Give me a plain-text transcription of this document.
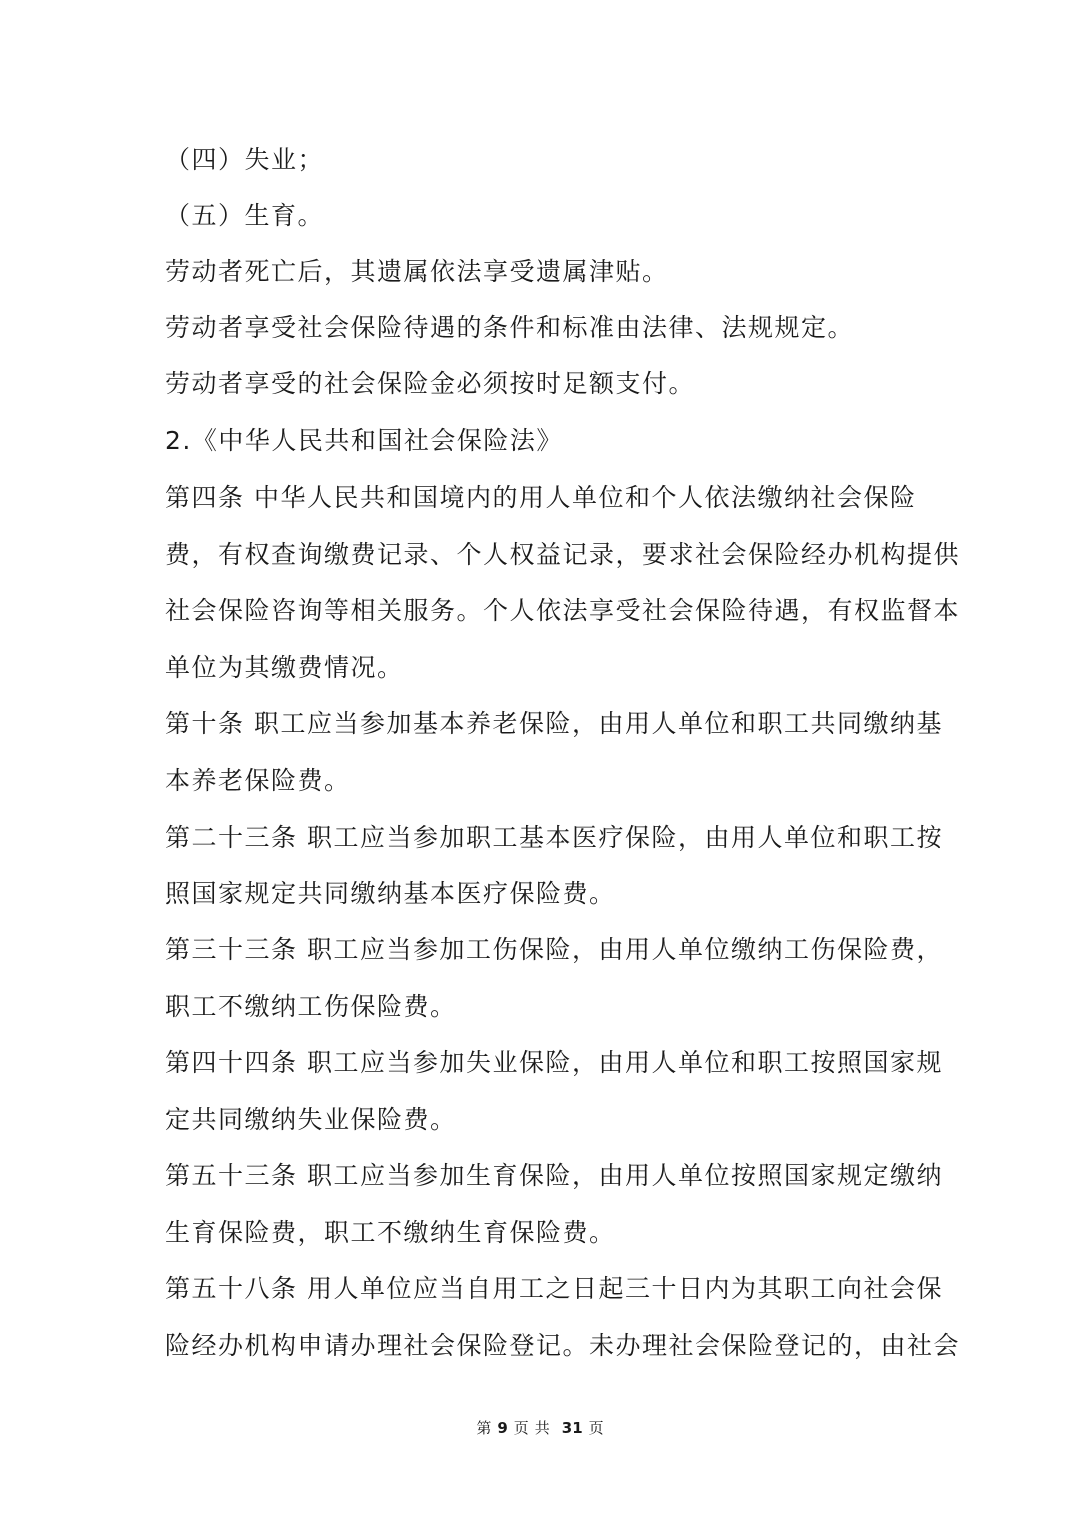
（四）失业；
（五）生育。
劳动者死亡后，其遗属依法享受遗属津贴。
劳动者享受社会保险待遇的条件和标准由法律、法规规定。
劳动者享受的社会保险金必须按时足额支付。
2.《中华人民共和国社会保险法》
第四条 中华人民共和国境内的用人单位和个人依法缴纳社会保险
费，有权查询缴费记录、个人权益记录，要求社会保险经办机构提供
社会保险咨询等相关服务。个人依法享受社会保险待遇，有权监督本
单位为其缴费情况。
第十条 职工应当参加基本养老保险，由用人单位和职工共同缴纳基
本养老保险费。
第二十三条 职工应当参加职工基本医疗保险，由用人单位和职工按
照国家规定共同缴纳基本医疗保险费。
第三十三条 职工应当参加工伤保险，由用人单位缴纳工伤保险费，
职工不缴纳工伤保险费。
第四十四条 职工应当参加失业保险，由用人单位和职工按照国家规
定共同缴纳失业保险费。
第五十三条 职工应当参加生育保险，由用人单位按照国家规定缴纳
生育保险费，职工不缴纳生育保险费。
第五十八条 用人单位应当自用工之日起三十日内为其职工向社会保
险经办机构申请办理社会保险登记。未办理社会保险登记的，由社会
第 9 页 共 31 页
